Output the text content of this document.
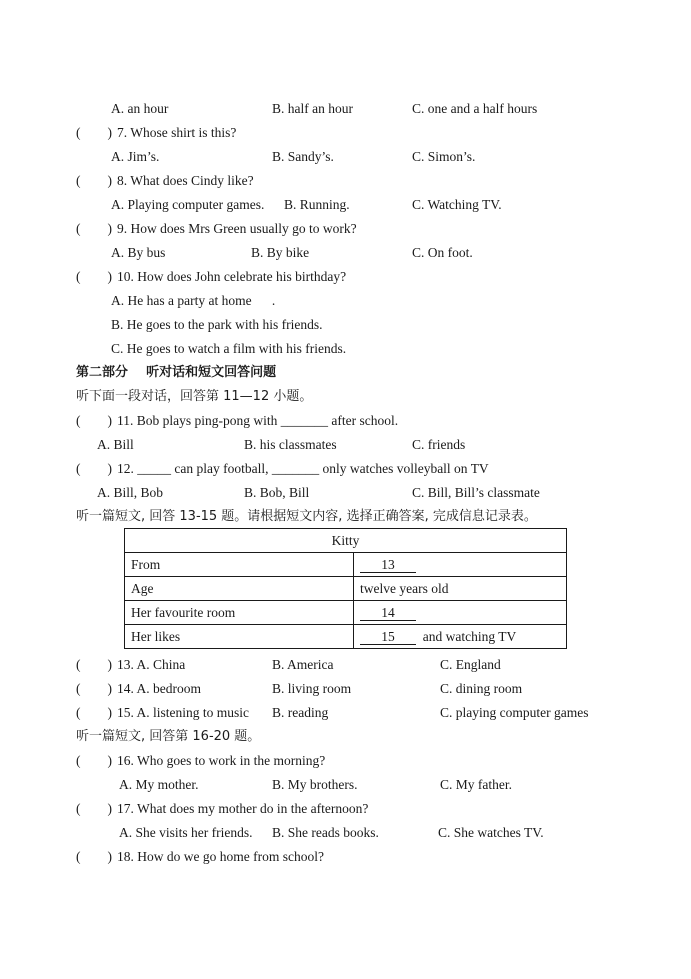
A. an hour	B. half an hour	C. one and a half hours
(        ) 7. Whose shirt is this?
A. Jim’s.	B. Sandy’s.	C. Simon’s.
(        ) 8. What does Cindy like?
A. Playing computer games. B. Running.	C. Watching TV.
(        ) 9. How does Mrs Green usually go to work?
A. By bus	B. By bike	C. On foot.
(        ) 10. How does John celebrate his birthday?
A. He has a party at home      .
B. He goes to the park with his friends.
C. He goes to watch a film with his friends.
第二部分    听对话和短文回答问题
听下面一段对话，回答第 11—12 小题。
(        ) 11. Bob plays ping-pong with _______ after school.
A. Bill	B. his classmates	C. friends
(        ) 12. _____ can play football, _______ only watches volleyball on TV
A. Bill, Bob	B. Bob, Bill	C. Bill, Bill’s classmate
听一篇短文, 回答 13-15 题。请根据短文内容, 选择正确答案, 完成信息记录表。
Kitty	
From	13
Age	twelve years old
Her favourite room	14
Her likes	15  and watching TV
(        ) 13. A. China	B. America	C. England
(        ) 14. A. bedroom	B. living room	C. dining room
(        ) 15. A. listening to music B. reading	C. playing computer games
听一篇短文, 回答第 16-20 题。
(        ) 16. Who goes to work in the morning?
A. My mother.	B. My brothers.	C. My father.
(        ) 17. What does my mother do in the afternoon?
A. She visits her friends. B. She reads books.	C. She watches TV.
(        ) 18. How do we go home from school?
